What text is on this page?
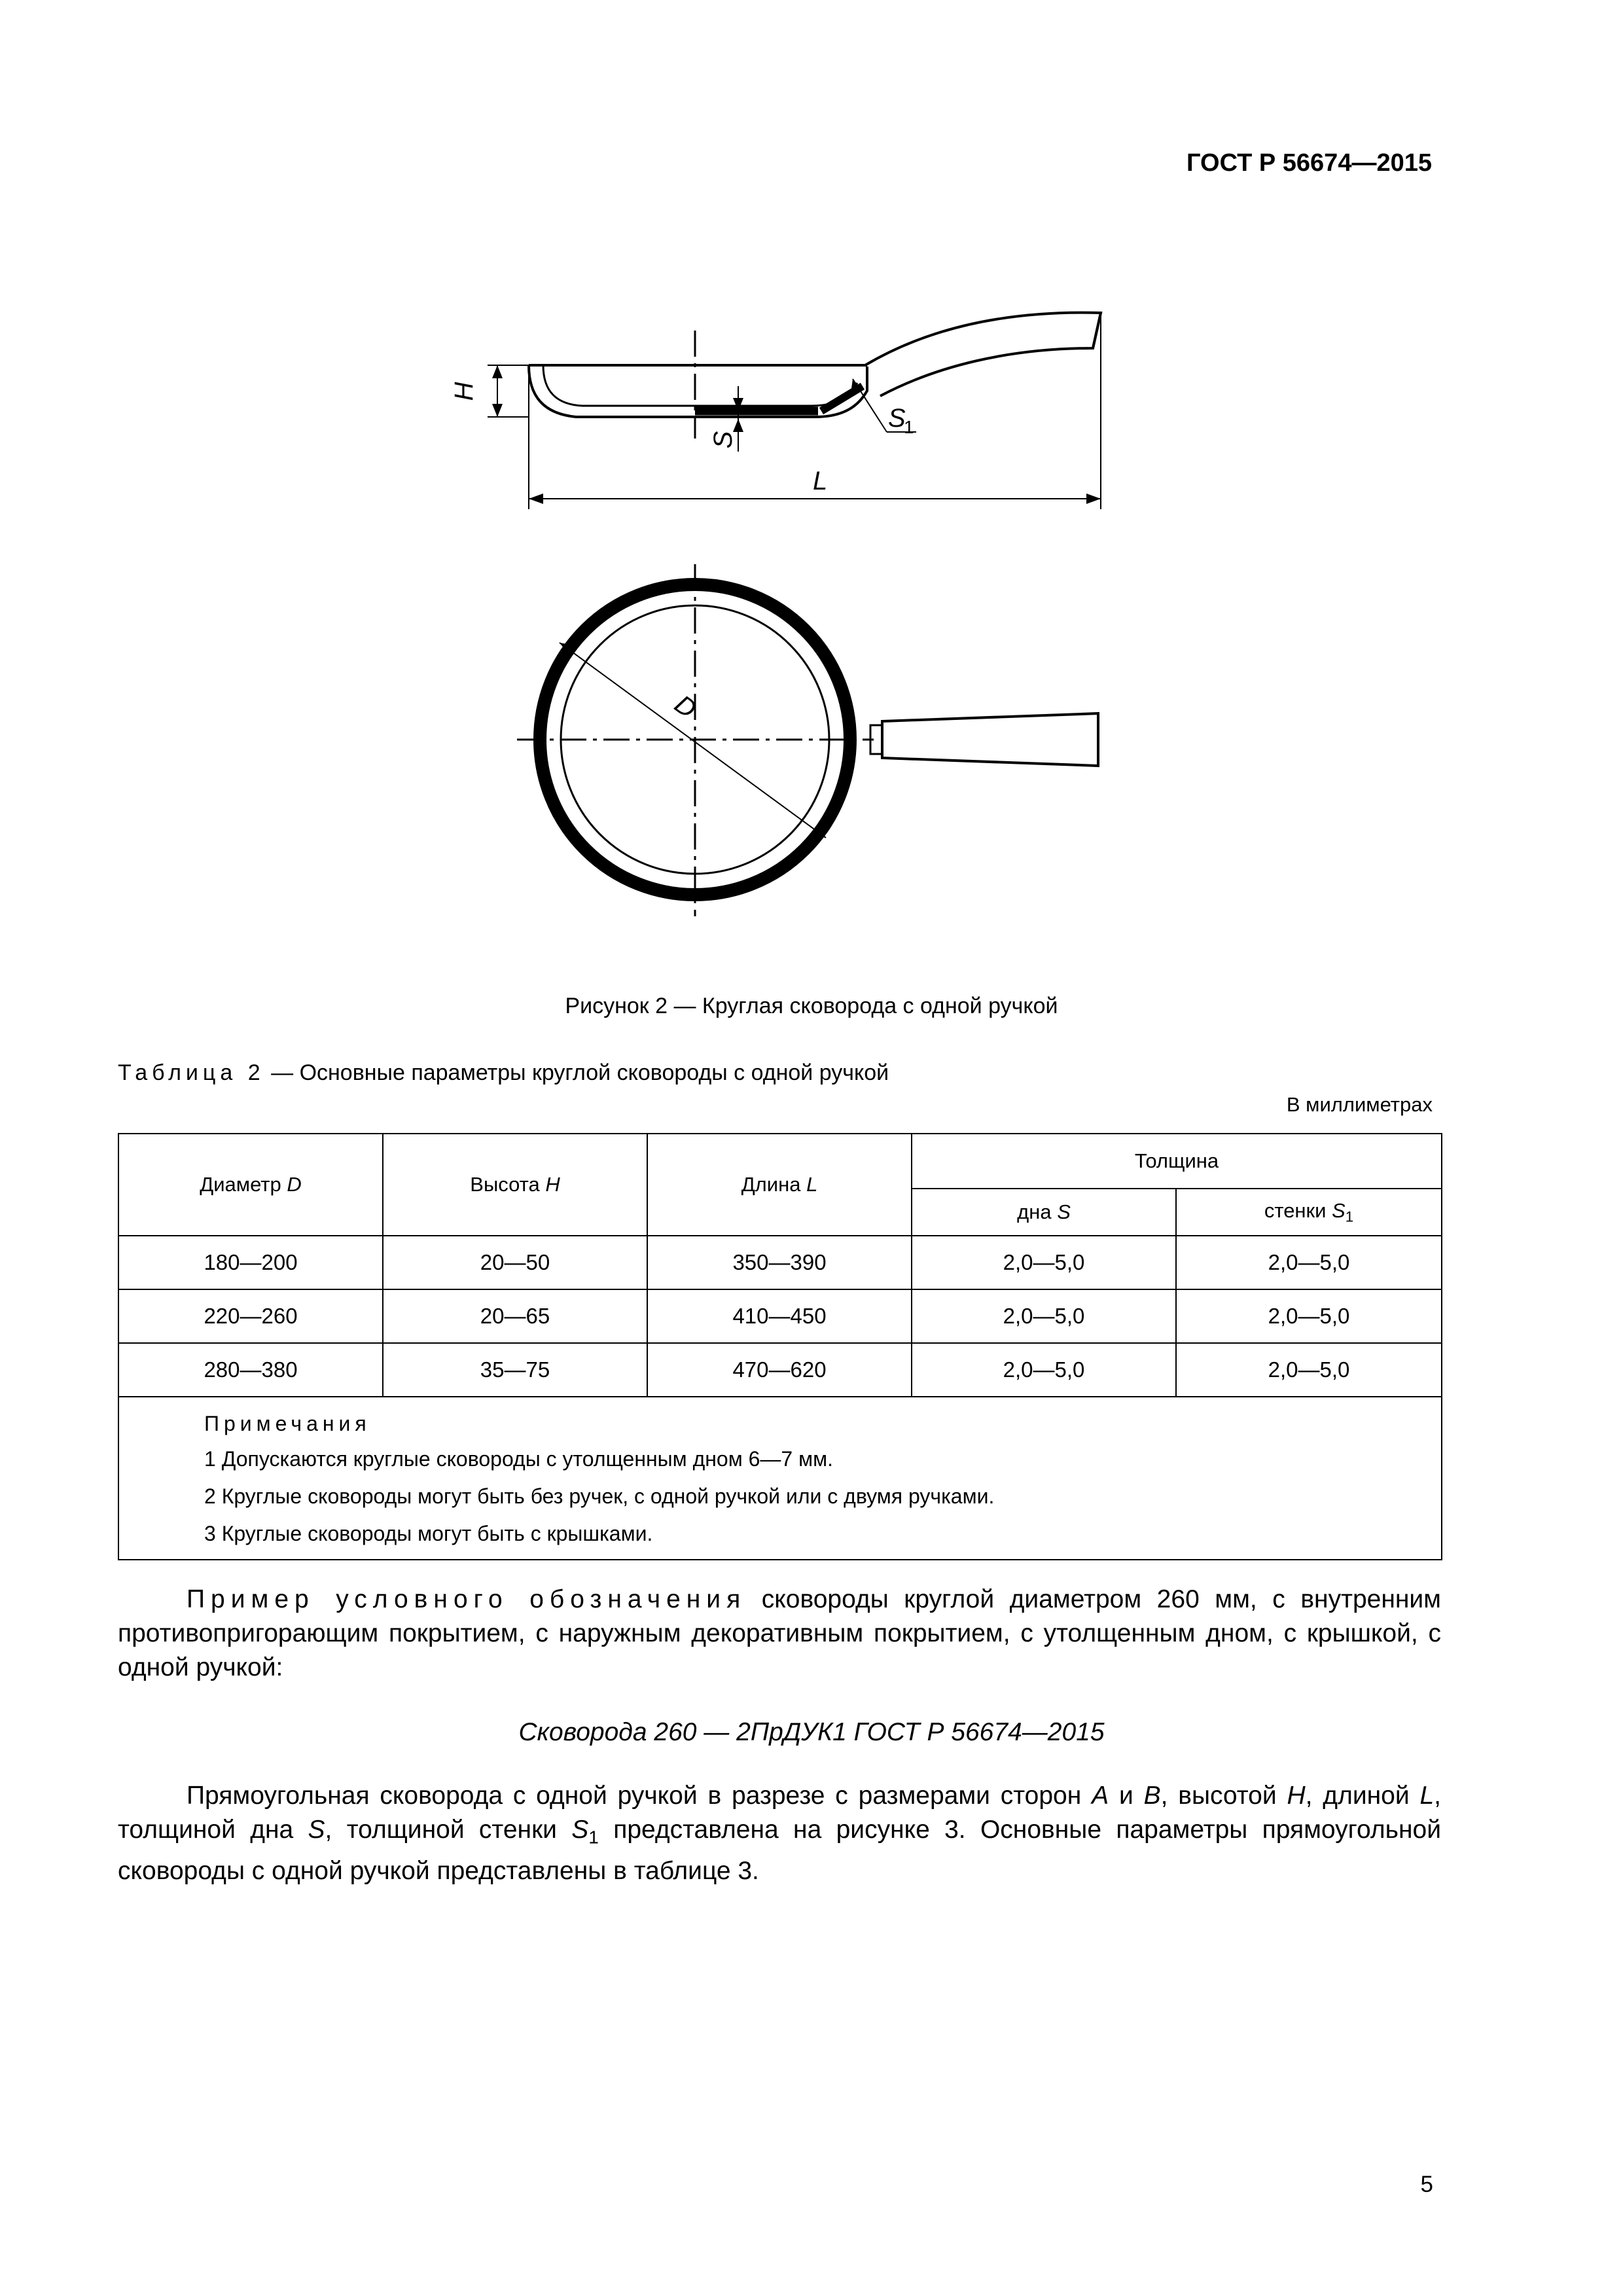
ГОСТ Р 56674—2015
H
S
S
1
L
D
Рисунок 2 — Круглая сковорода с одной ручкой
Таблица 2 — Основные параметры круглой сковороды с одной ручкой
В миллиметрах
Диаметр D	Высота H	Длина L	Толщина	
			дна S	стенки $S_1$
180—200	20—50	350—390	2,0—5,0	2,0—5,0
220—260	20—65	410—450	2,0—5,0	2,0—5,0
280—380	35—75	470—620	2,0—5,0	2,0—5,0

Примечания
1 Допускаются круглые сковороды с утолщенным дном 6—7 мм.
2 Круглые сковороды могут быть без ручек, с одной ручкой или с двумя ручками.
3 Круглые сковороды могут быть с крышками.				
Пример условного обозначения сковороды круглой диаметром 260 мм, с внутренним противопригорающим покрытием, с наружным декоративным покрытием, с утолщенным дном, с крышкой, с одной ручкой:
Сковорода 260 — 2ПрДУК1 ГОСТ Р 56674—2015
Прямоугольная сковорода с одной ручкой в разрезе с размерами сторон A и B, высотой H, длиной L, толщиной дна S, толщиной стенки $S_1$ представлена на рисунке 3. Основные параметры прямоугольной сковороды с одной ручкой представлены в таблице 3.
5
